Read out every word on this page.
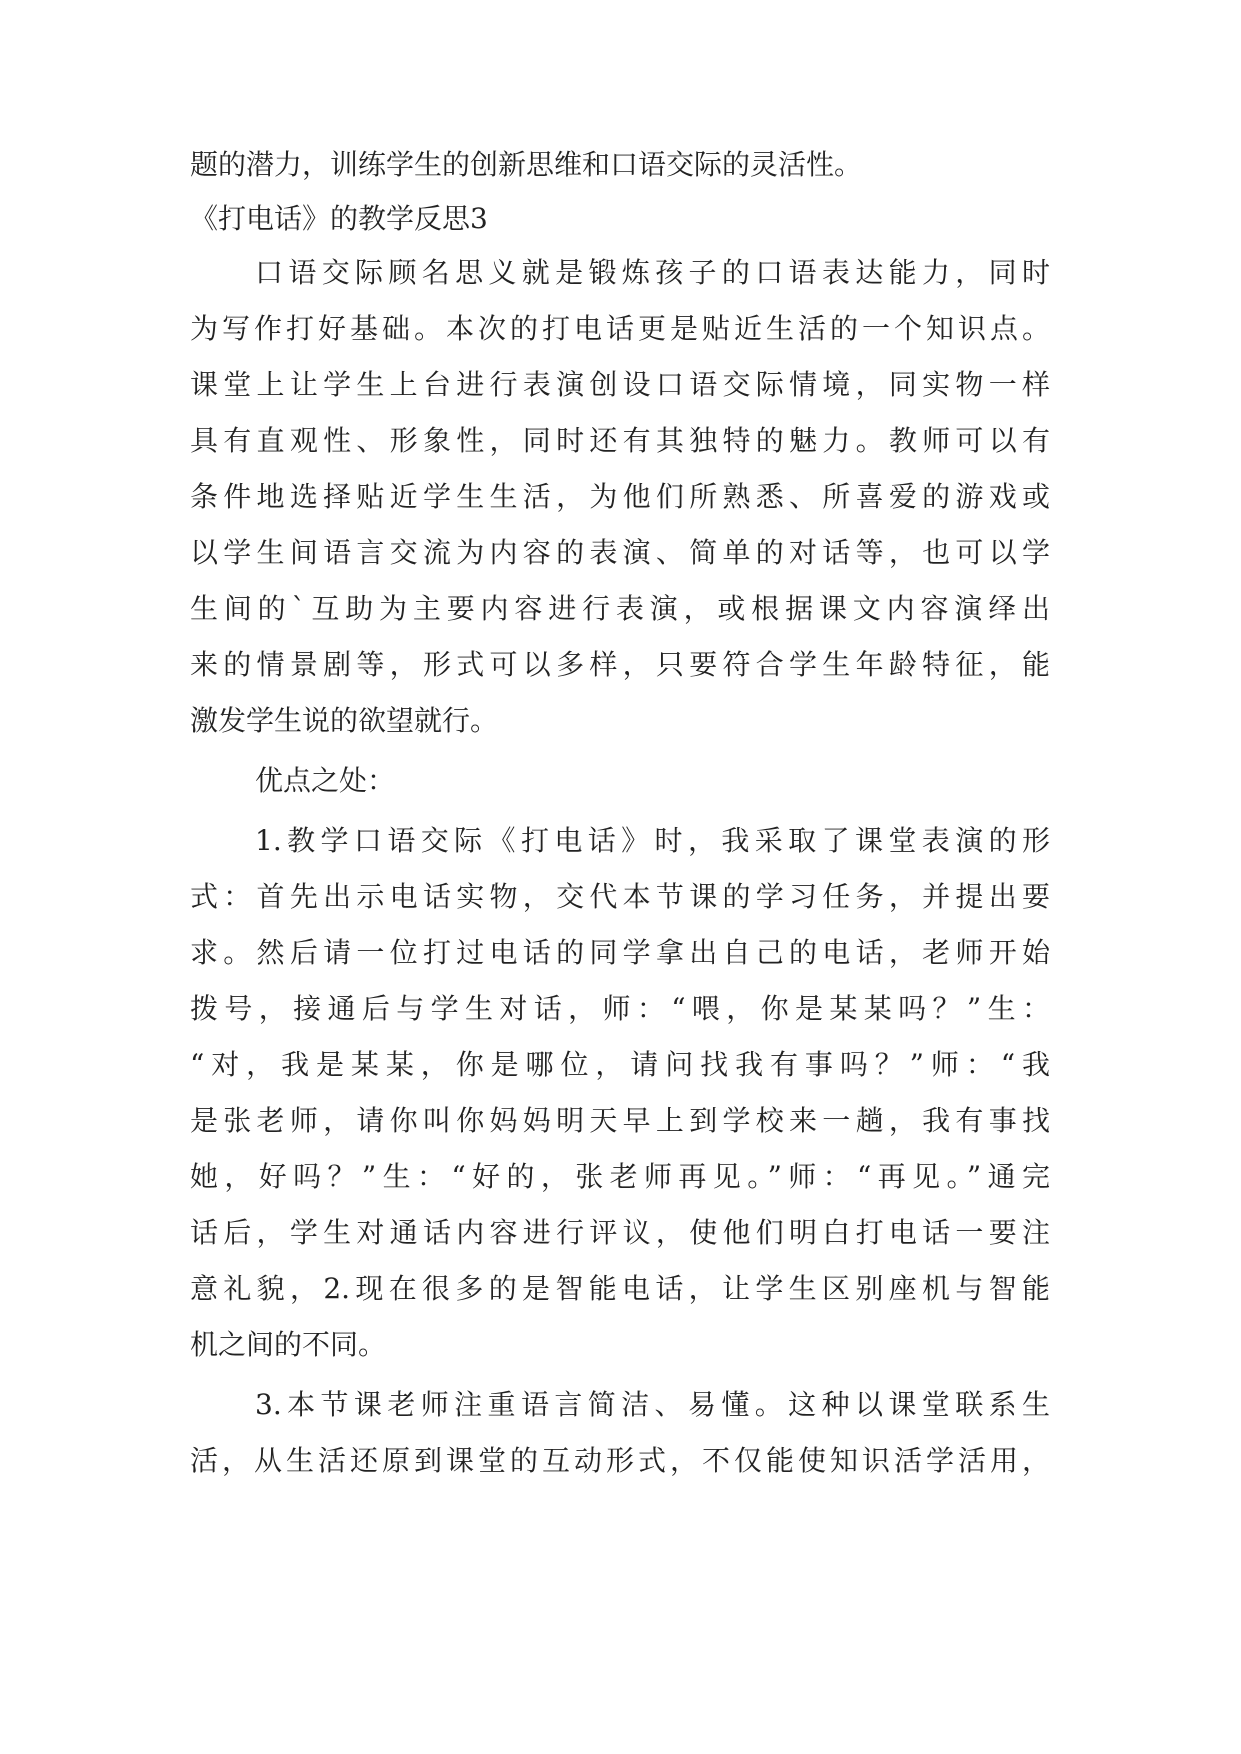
题的潜力，训练学生的创新思维和口语交际的灵活性。
《打电话》的教学反思3
口语交际顾名思义就是锻炼孩子的口语表达能力，同时
为写作打好基础。本次的打电话更是贴近生活的一个知识点。
课堂上让学生上台进行表演创设口语交际情境，同实物一样
具有直观性、形象性，同时还有其独特的魅力。教师可以有
条件地选择贴近学生生活，为他们所熟悉、所喜爱的游戏或
以学生间语言交流为内容的表演、简单的对话等，也可以学
生间的`互助为主要内容进行表演，或根据课文内容演绎出
来的情景剧等，形式可以多样，只要符合学生年龄特征，能
激发学生说的欲望就行。
优点之处：
1.教学口语交际《打电话》时，我采取了课堂表演的形
式：首先出示电话实物，交代本节课的学习任务，并提出要
求。然后请一位打过电话的同学拿出自己的电话，老师开始
拨号，接通后与学生对话，师：“喂，你是某某吗？”生：
“对，我是某某，你是哪位，请问找我有事吗？”师：“我
是张老师，请你叫你妈妈明天早上到学校来一趟，我有事找
她，好吗？”生：“好的，张老师再见。”师：“再见。”通完
话后，学生对通话内容进行评议，使他们明白打电话一要注
意礼貌，2.现在很多的是智能电话，让学生区别座机与智能
机之间的不同。
3.本节课老师注重语言简洁、易懂。这种以课堂联系生
活，从生活还原到课堂的互动形式，不仅能使知识活学活用，
